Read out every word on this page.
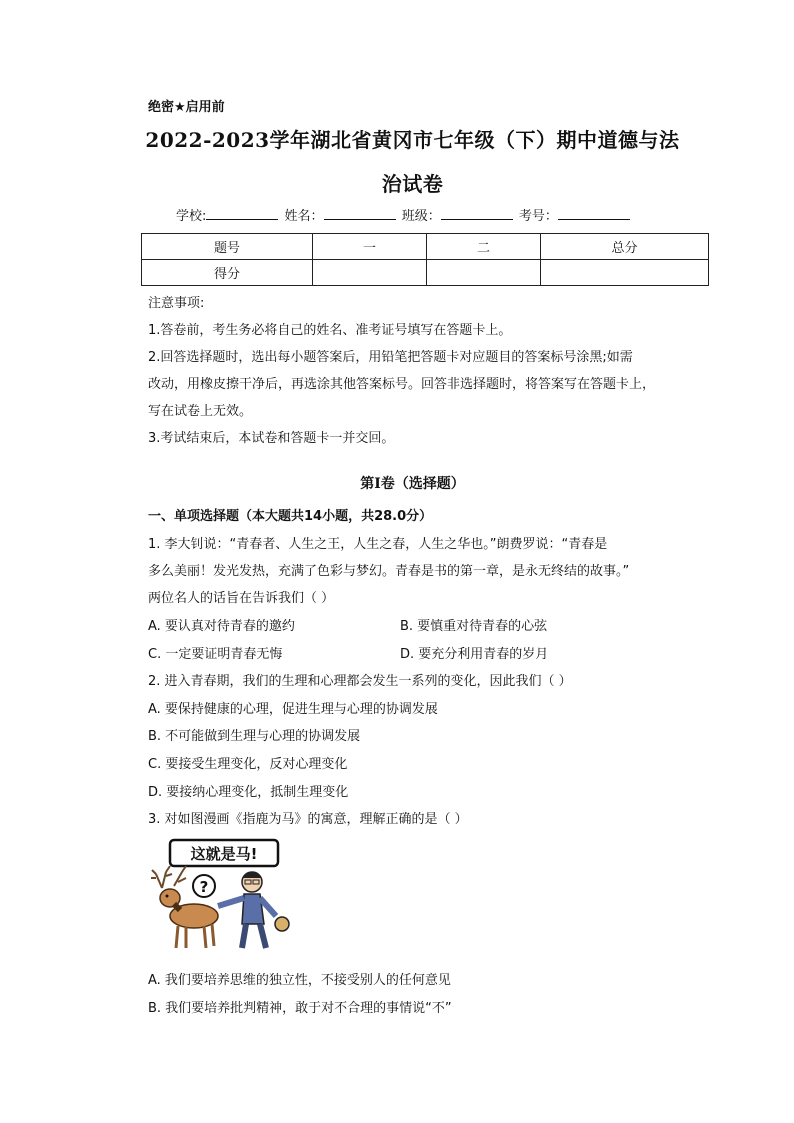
绝密★启用前
2022-2023学年湖北省黄冈市七年级（下）期中道德与法
治试卷
学校:	姓名：	班级：	考号：
题号	一	二	总分
得分			
注意事项:
1.答卷前，考生务必将自己的姓名、准考证号填写在答题卡上。
2.回答选择题时，选出每小题答案后，用铅笔把答题卡对应题目的答案标号涂黑;如需
改动，用橡皮擦干净后，再选涂其他答案标号。回答非选择题时，将答案写在答题卡上，
写在试卷上无效。
3.考试结束后，本试卷和答题卡一并交回。
第I卷（选择题）
一、单项选择题（本大题共14小题，共28.0分）
1. 李大钊说：“青春者、人生之王，人生之春，人生之华也。”朗费罗说：“青春是
多么美丽！发光发热，充满了色彩与梦幻。青春是书的第一章，是永无终结的故事。”
两位名人的话旨在告诉我们（ ）
A. 要认真对待青春的邀约	B. 要慎重对待青春的心弦
C. 一定要证明青春无悔	D. 要充分利用青春的岁月
2. 进入青春期，我们的生理和心理都会发生一系列的变化，因此我们（ ）
A. 要保持健康的心理，促进生理与心理的协调发展
B. 不可能做到生理与心理的协调发展
C. 要接受生理变化，反对心理变化
D. 要接纳心理变化，抵制生理变化
3. 对如图漫画《指鹿为马》的寓意，理解正确的是（ ）
这就是马!
?
A. 我们要培养思维的独立性，不接受别人的任何意见
B. 我们要培养批判精神，敢于对不合理的事情说“不”
